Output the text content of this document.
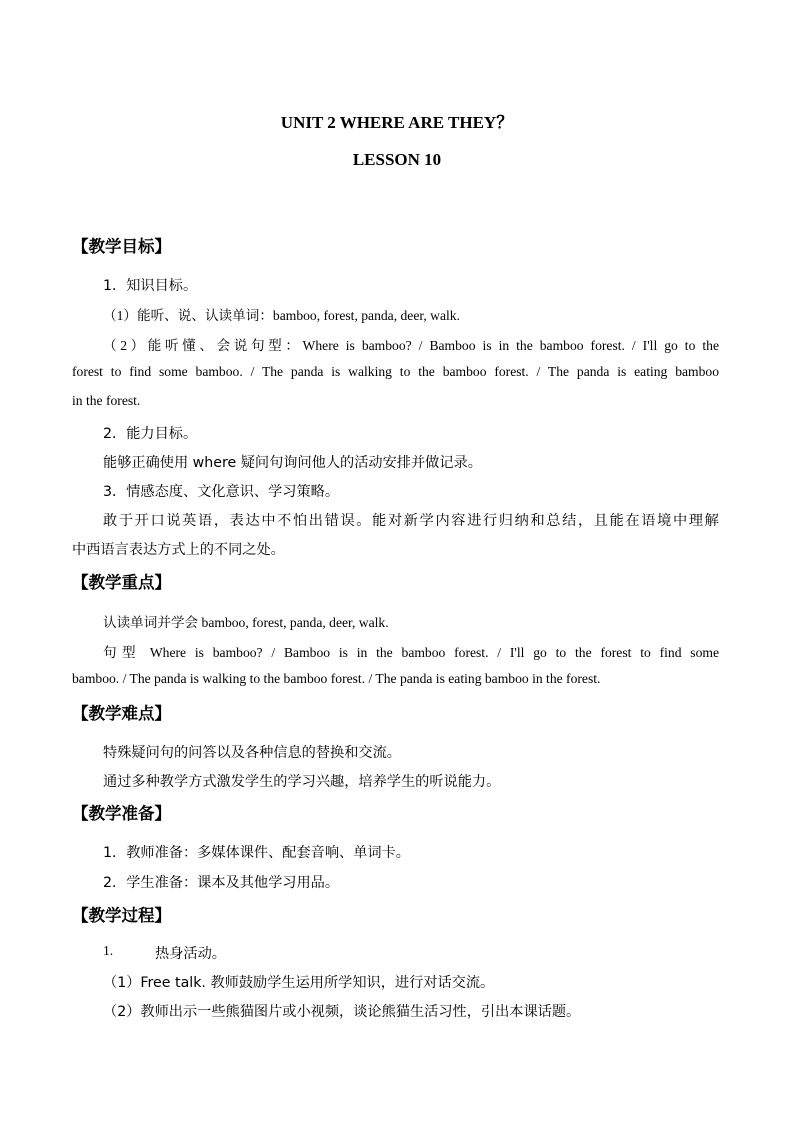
UNIT 2 WHERE ARE THEY？
LESSON 10
【教学目标】
1．知识目标。
（1）能听、说、认读单词：bamboo, forest, panda, deer, walk.
（2）能听懂、会说句型：Where is bamboo? / Bamboo is in the bamboo forest. / I'll go to the
forest to find some bamboo. / The panda is walking to the bamboo forest. / The panda is eating bamboo
in the forest.
2．能力目标。
能够正确使用 where 疑问句询问他人的活动安排并做记录。
3．情感态度、文化意识、学习策略。
敢于开口说英语，表达中不怕出错误。能对新学内容进行归纳和总结，且能在语境中理解
中西语言表达方式上的不同之处。
【教学重点】
认读单词并学会 bamboo, forest, panda, deer, walk.
句型 Where is bamboo? / Bamboo is in the bamboo forest. / I'll go to the forest to find some
bamboo. / The panda is walking to the bamboo forest. / The panda is eating bamboo in the forest.
【教学难点】
特殊疑问句的问答以及各种信息的替换和交流。
通过多种教学方式激发学生的学习兴趣，培养学生的听说能力。
【教学准备】
1．教师准备：多媒体课件、配套音响、单词卡。
2．学生准备：课本及其他学习用品。
【教学过程】
1.	热身活动。
（1）Free talk. 教师鼓励学生运用所学知识，进行对话交流。
（2）教师出示一些熊猫图片或小视频，谈论熊猫生活习性，引出本课话题。
